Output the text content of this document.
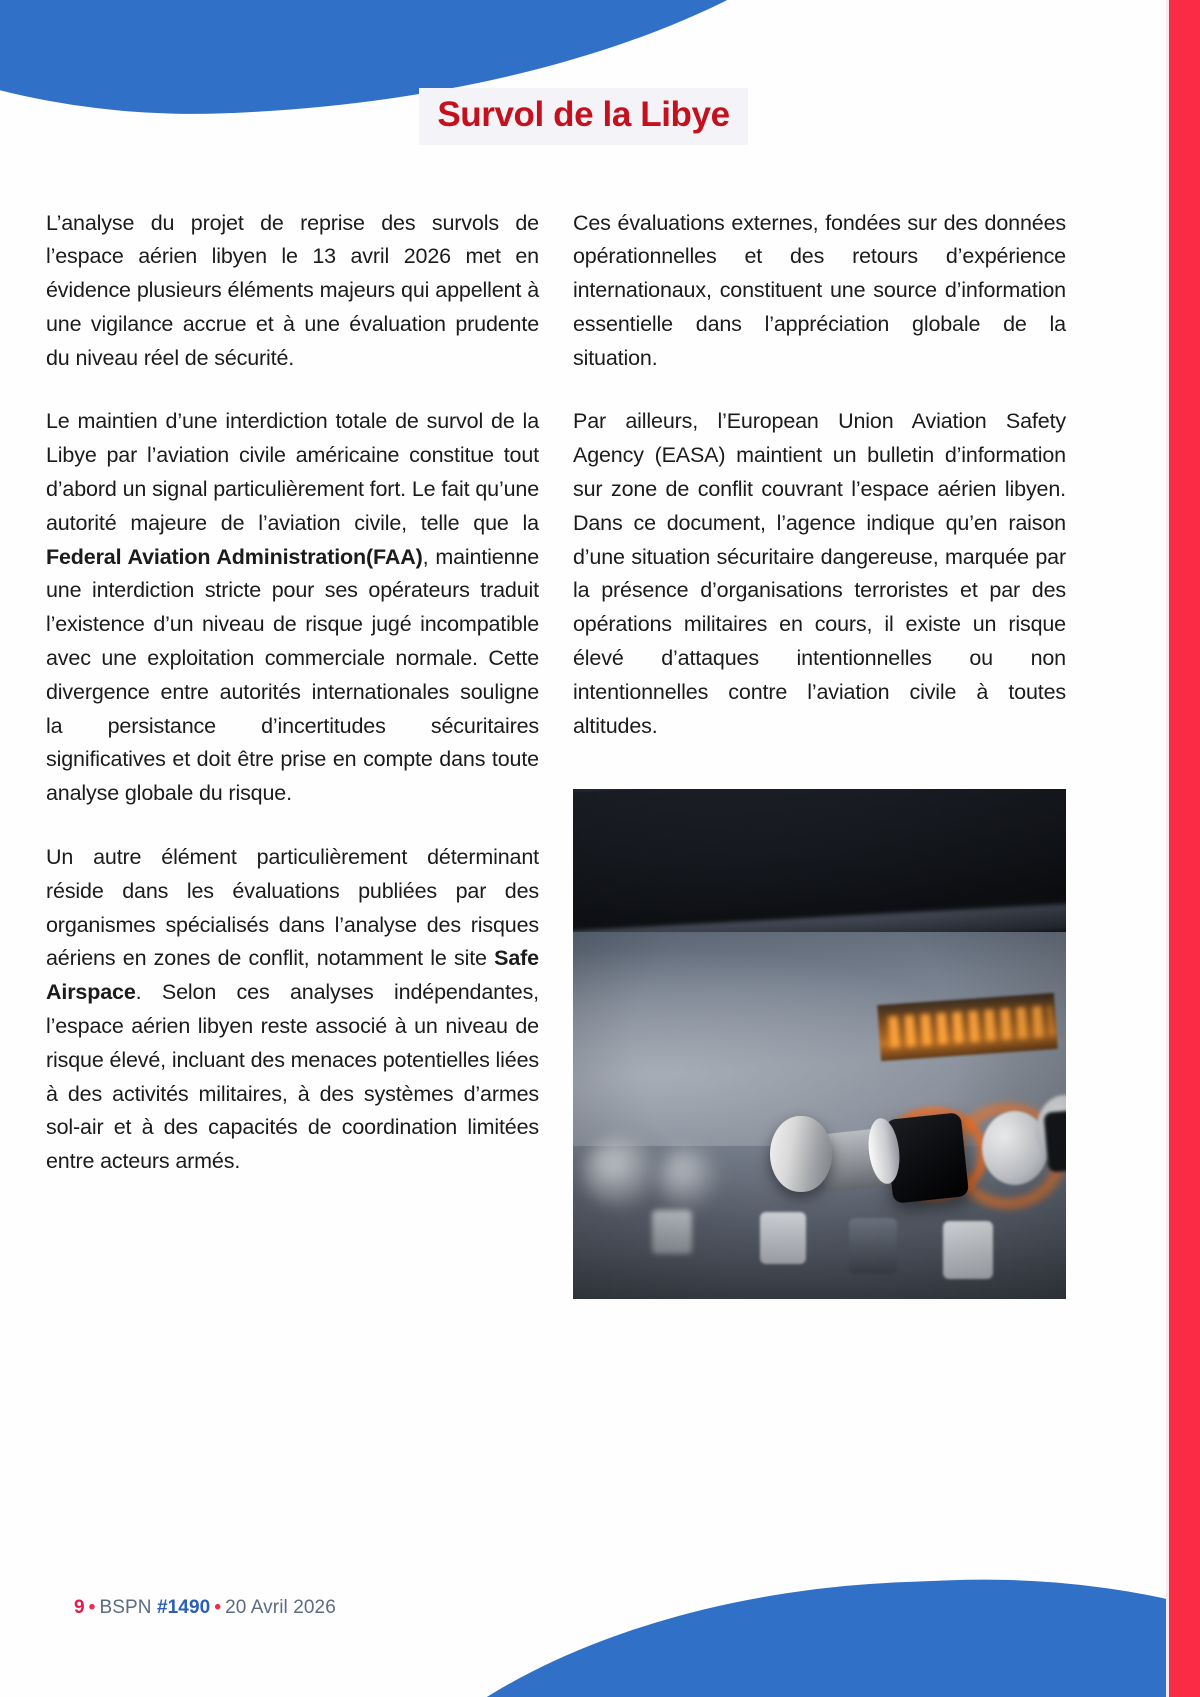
Survol de la Libye

L’analyse du projet de reprise des survols de l’espace aérien libyen le 13 avril 2026 met en évidence plusieurs éléments majeurs qui appellent à une vigilance accrue et à une évaluation prudente du niveau réel de sécurité.

Le maintien d’une interdiction totale de survol de la Libye par l’aviation civile américaine constitue tout d’abord un signal particulièrement fort. Le fait qu’une autorité majeure de l’aviation civile, telle que la Federal Aviation Administration(FAA), maintienne une interdiction stricte pour ses opérateurs traduit l’existence d’un niveau de risque jugé incompatible avec une exploitation commerciale normale. Cette divergence entre autorités internationales souligne la persistance d’incertitudes sécuritaires significatives et doit être prise en compte dans toute analyse globale du risque.

Un autre élément particulièrement déterminant réside dans les évaluations publiées par des organismes spécialisés dans l’analyse des risques aériens en zones de conflit, notamment le site Safe Airspace. Selon ces analyses indépendantes, l’espace aérien libyen reste associé à un niveau de risque élevé, incluant des menaces potentielles liées à des activités militaires, à des systèmes d’armes sol-air et à des capacités de coordination limitées entre acteurs armés.

Ces évaluations externes, fondées sur des données opérationnelles et des retours d’expérience internationaux, constituent une source d’information essentielle dans l’appréciation globale de la situation.

Par ailleurs, l’European Union Aviation Safety Agency (EASA) maintient un bulletin d’information sur zone de conflit couvrant l’espace aérien libyen. Dans ce document, l’agence indique qu’en raison d’une situation sécuritaire dangereuse, marquée par la présence d’organisations terroristes et par des opérations militaires en cours, il existe un risque élevé d’attaques intentionnelles ou non intentionnelles contre l’aviation civile à toutes altitudes.

9 • BSPN #1490 • 20 Avril 2026
